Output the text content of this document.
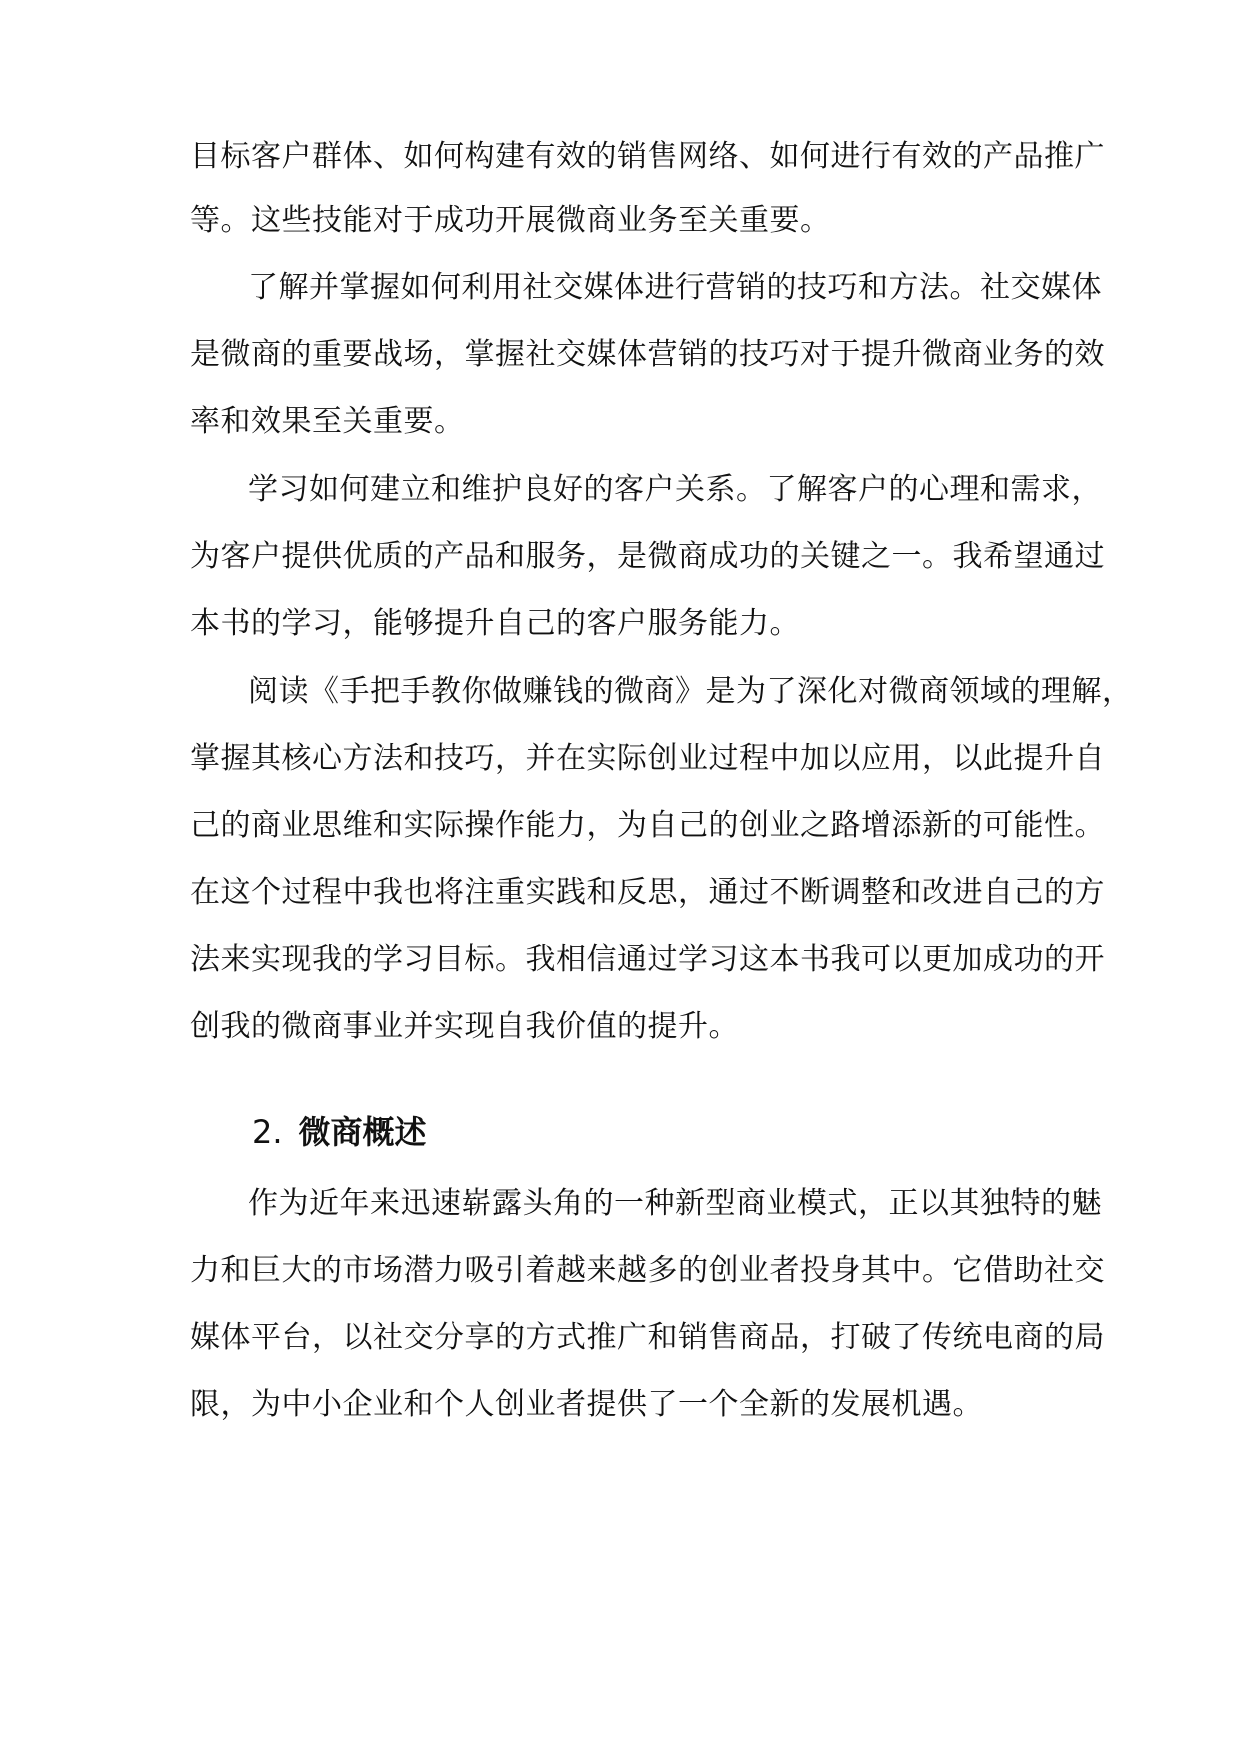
目标客户群体、如何构建有效的销售网络、如何进行有效的产品推广
等。这些技能对于成功开展微商业务至关重要。
了解并掌握如何利用社交媒体进行营销的技巧和方法。社交媒体
是微商的重要战场，掌握社交媒体营销的技巧对于提升微商业务的效
率和效果至关重要。
学习如何建立和维护良好的客户关系。了解客户的心理和需求，
为客户提供优质的产品和服务，是微商成功的关键之一。我希望通过
本书的学习，能够提升自己的客户服务能力。
阅读《手把手教你做赚钱的微商》是为了深化对微商领域的理解，
掌握其核心方法和技巧，并在实际创业过程中加以应用，以此提升自
己的商业思维和实际操作能力，为自己的创业之路增添新的可能性。
在这个过程中我也将注重实践和反思，通过不断调整和改进自己的方
法来实现我的学习目标。我相信通过学习这本书我可以更加成功的开
创我的微商事业并实现自我价值的提升。
2. 微商概述
作为近年来迅速崭露头角的一种新型商业模式，正以其独特的魅
力和巨大的市场潜力吸引着越来越多的创业者投身其中。它借助社交
媒体平台，以社交分享的方式推广和销售商品，打破了传统电商的局
限，为中小企业和个人创业者提供了一个全新的发展机遇。
